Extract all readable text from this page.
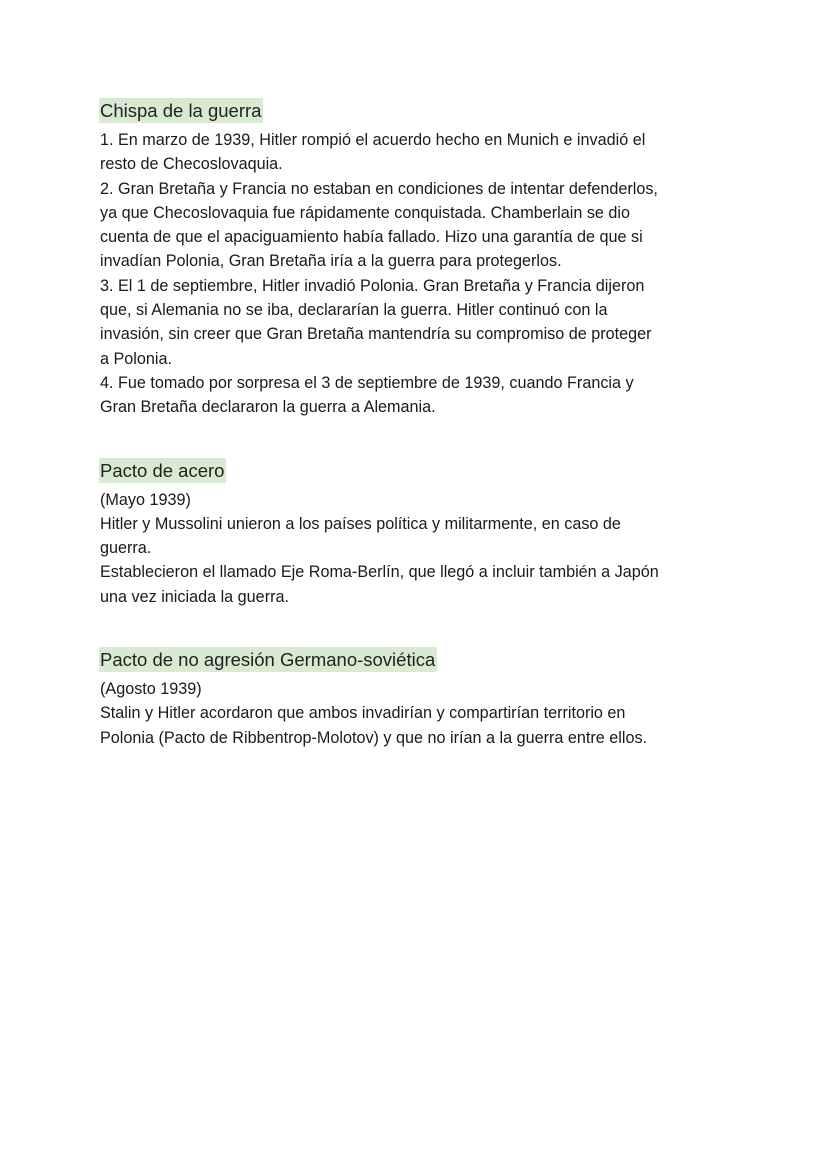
Chispa de la guerra

1. En marzo de 1939, Hitler rompió el acuerdo hecho en Munich e invadió el
resto de Checoslovaquia.
2. Gran Bretaña y Francia no estaban en condiciones de intentar defenderlos,
ya que Checoslovaquia fue rápidamente conquistada. Chamberlain se dio
cuenta de que el apaciguamiento había fallado. Hizo una garantía de que si
invadían Polonia, Gran Bretaña iría a la guerra para protegerlos.
3. El 1 de septiembre, Hitler invadió Polonia. Gran Bretaña y Francia dijeron
que, si Alemania no se iba, declararían la guerra. Hitler continuó con la
invasión, sin creer que Gran Bretaña mantendría su compromiso de proteger
a Polonia.
4. Fue tomado por sorpresa el 3 de septiembre de 1939, cuando Francia y
Gran Bretaña declararon la guerra a Alemania.

Pacto de acero

(Mayo 1939)
Hitler y Mussolini unieron a los países política y militarmente, en caso de
guerra.
Establecieron el llamado Eje Roma-Berlín, que llegó a incluir también a Japón
una vez iniciada la guerra.

Pacto de no agresión Germano-soviética

(Agosto 1939)
Stalin y Hitler acordaron que ambos invadirían y compartirían territorio en
Polonia (Pacto de Ribbentrop-Molotov) y que no irían a la guerra entre ellos.
